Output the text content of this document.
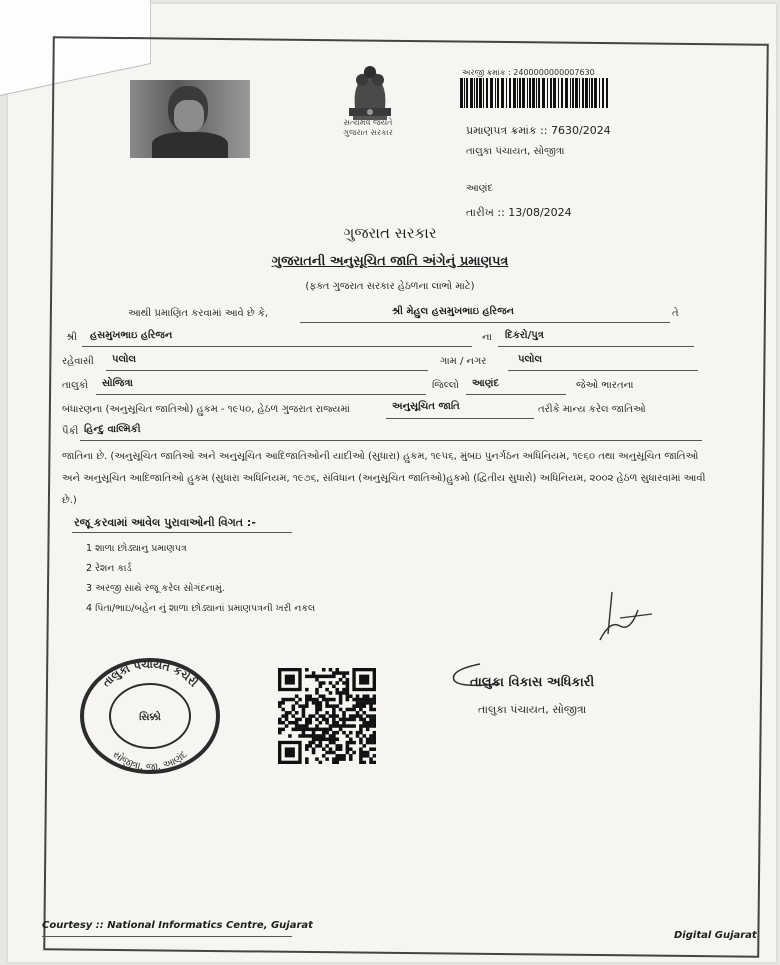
સત્યમેવ જયતે
ગુજરાત સરકાર
અરજી ક્રમાંક : 2400000000007630
પ્રમાણપત્ર ક્રમાંક :: 7630/2024
તાલુકા પંચાયત, સોજીત્રા
આણંદ
તારીખ :: 13/08/2024
ગુજરાત સરકાર
ગુજરાતની અનુસૂચિત જાતિ અંગેનું પ્રમાણપત્ર
(ફક્ત ગુજરાત સરકાર હેઠળના લાભો માટે)
આથી પ્રમાણિત કરવામાં આવે છે કે,	શ્રી મેહુલ હસમુખભાઇ હરિજન	તે
શ્રી હસમુખભાઇ હરિજન	ના દિકરો/પુત્ર
રહેવાસી પલોલ	ગામ / નગર	પલોલ
તાલુકો સોજિત્રા	જિલ્લો આણંદ	જેઓ ભારતના
બંધારણના (અનુસૂચિત જાતિઓ) હુકમ - ૧૯૫૦, હેઠળ ગુજરાત રાજ્યમાં	અનુસૂચિત જાતિ	તરીકે માન્ય કરેલ જાતિઓ
પૈકી હિન્દુ વાલ્મિકી
જાતિના છે. (અનુસૂચિત જાતિઓ અને અનુસૂચિત આદિજાતિઓની યાદીઓ (સુધારા) હુકમ, ૧૯૫૬, મુંબઇ પુનર્ગઠન અધિનિયમ, ૧૯૬૦ તથા અનુસૂચિત જાતિઓ અને અનુસૂચિત આદિજાતિઓ હુકમ (સુધારા અધિનિયમ, ૧૯૭૬, સંવિધાન (અનુસૂચિત જાતિઓ)હુકમો (દ્વિતીય સુધારો) અધિનિયમ, ૨૦૦૨ હેઠળ સુધારવામાં આવી છે.)
રજૂ કરવામાં આવેલ પુરાવાઓની વિગત :-
1 શાળા છોડ્યાનુ પ્રમાણપત્ર
2 રેશન કાર્ડ
3 અરજી સાથે રજૂ કરેલ સોગંદનામું.
4 પિતા/ભાઇ/બહેન નું શાળા છોડ્યાનાં પ્રમાણપત્રની ખરી નકલ
તાલુકા પંચાયત કચેરી
સોજીત્રા, જી. આણંદ
સિક્કો
તાલુકા વિકાસ અધિકારી
તાલુકા પંચાયત, સોજીત્રા
Courtesy :: National Informatics Centre, Gujarat
Digital Gujarat
